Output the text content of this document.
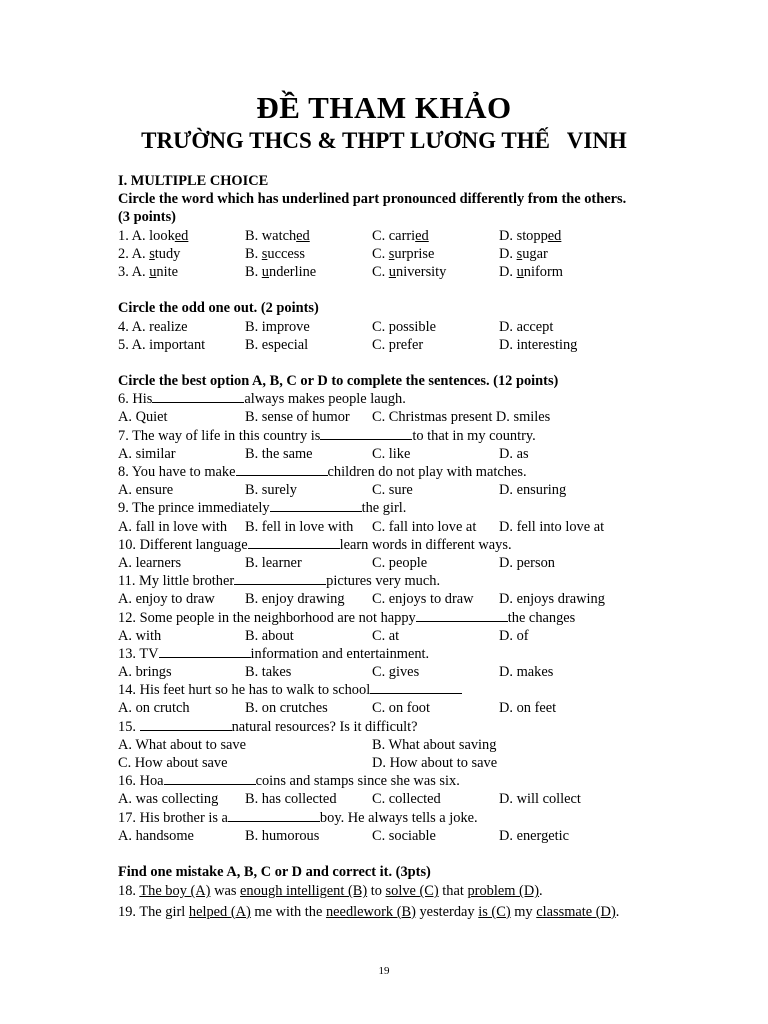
ĐỀ THAM KHẢO
TRƯỜNG THCS & THPT LƯƠNG THẾ   VINH
I. MULTIPLE CHOICE
Circle the word which has underlined part pronounced differently from the others.
(3 points)
1. A. looked	B. watched	C. carried	D. stopped
2. A. study	B. success	C. surprise	D. sugar
3. A. unite	B. underline	C. university	D. uniform
Circle the odd one out. (2 points)
4. A. realize	B. improve	C. possible	D. accept
5. A. important	B. especial	C. prefer	D. interesting
Circle the best option A, B, C or D to complete the sentences. (12 points)
6. His	always makes people laugh.
A. Quiet	B. sense of humor C. Christmas present D. smiles
7. The way of life in this country is	to that in my country.
A. similar	B. the same	C. like	D. as
8. You have to make	children do not play with matches.
A. ensure	B. surely	C. sure	D. ensuring
9. The prince immediately	the girl.
A. fall in love with B. fell in love with C. fall into love at D. fell into love at
10. Different language	learn words in different ways.
A. learners	B. learner	C. people	D. person
11. My little brother	pictures very much.
A. enjoy to draw B. enjoy drawing C. enjoys to draw D. enjoys drawing
12. Some people in the neighborhood are not happy	the changes
A. with	B. about	C. at	D. of
13. TV	information and entertainment.
A. brings	B. takes	C. gives	D. makes
14. His feet hurt so he has to walk to school
A. on crutch	B. on crutches	C. on foot	D. on feet
15.	natural resources? Is it difficult?
A. What about to save	B. What about saving
C. How about save	D. How about to save
16. Hoa	coins and stamps since she was six.
A. was collecting B. has collected C. collected	D. will collect
17. His brother is a	boy. He always tells a joke.
A. handsome	B. humorous	C. sociable	D. energetic
Find one mistake A, B, C or D and correct it. (3pts)
18. The boy (A) was enough intelligent (B) to solve (C) that problem (D).
19. The girl helped (A) me with the needlework (B) yesterday is (C) my classmate (D).
19
